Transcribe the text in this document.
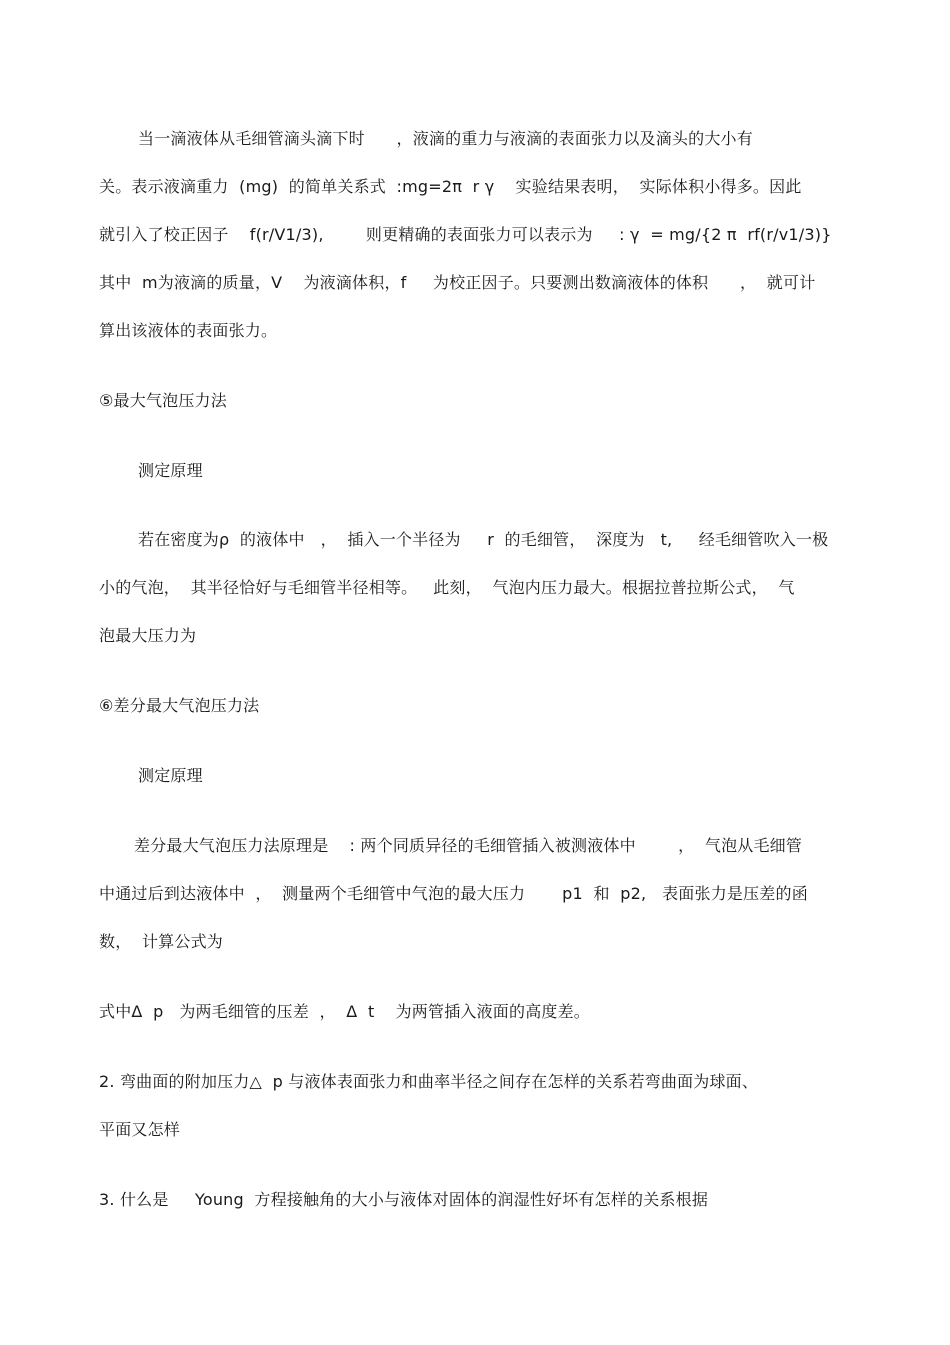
当一滴液体从毛细管滴头滴下时      ，液滴的重力与液滴的表面张力以及滴头的大小有
关。表示液滴重力  (mg)  的简单关系式  :mg=2π  r γ    实验结果表明，  实际体积小得多。因此
就引入了校正因子    f(r/V1/3),        则更精确的表面张力可以表示为     : γ  = mg/{2 π  rf(r/v1/3)}
其中  m为液滴的质量，V    为液滴体积，f     为校正因子。只要测出数滴液体的体积      ，  就可计
算出该液体的表面张力。
⑤最大气泡压力法
测定原理
若在密度为ρ  的液体中   ，  插入一个半径为     r  的毛细管，  深度为   t,     经毛细管吹入一极
小的气泡，  其半径恰好与毛细管半径相等。   此刻，  气泡内压力最大。根据拉普拉斯公式，  气
泡最大压力为
⑥差分最大气泡压力法
测定原理
差分最大气泡压力法原理是    : 两个同质异径的毛细管插入被测液体中        ，  气泡从毛细管
中通过后到达液体中  ，  测量两个毛细管中气泡的最大压力       p1  和  p2,   表面张力是压差的函
数，  计算公式为
式中Δ  p   为两毛细管的压差  ，  Δ  t    为两管插入液面的高度差。
2. 弯曲面的附加压力△  p 与液体表面张力和曲率半径之间存在怎样的关系若弯曲面为球面、
平面又怎样
3. 什么是     Young  方程接触角的大小与液体对固体的润湿性好坏有怎样的关系根据
